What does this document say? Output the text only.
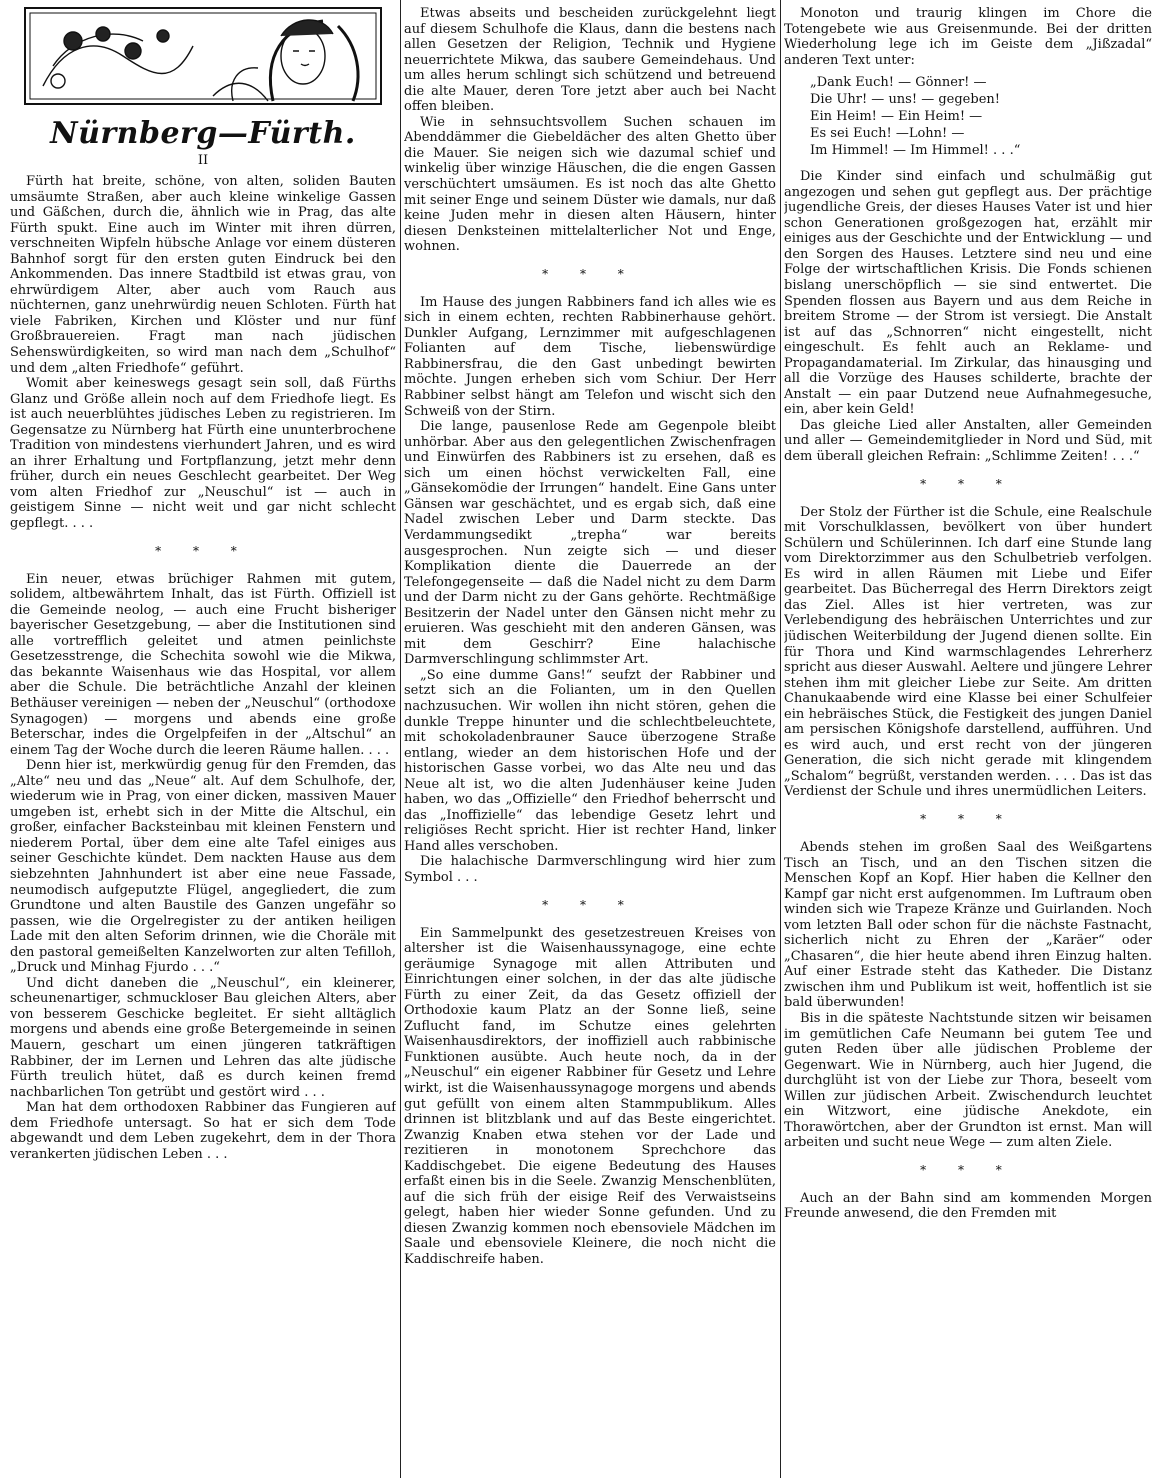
Nürnberg—Fürth.
II

Fürth hat breite, schöne, von alten, soliden Bauten umsäumte Straßen, aber auch kleine winkelige Gassen und Gäßchen, durch die, ähnlich wie in Prag, das alte Fürth spukt. Eine auch im Winter mit ihren dürren, verschneiten Wipfeln hübsche Anlage vor einem düsteren Bahnhof sorgt für den ersten guten Eindruck bei den Ankommenden. Das innere Stadtbild ist etwas grau, von ehrwürdigem Alter, aber auch vom Rauch aus nüchternen, ganz unehrwürdig neuen Schloten. Fürth hat viele Fabriken, Kirchen und Klöster und nur fünf Großbrauereien. Fragt man nach jüdischen Sehenswürdigkeiten, so wird man nach dem „Schulhof“ und dem „alten Friedhofe“ geführt.

Womit aber keineswegs gesagt sein soll, daß Fürths Glanz und Größe allein noch auf dem Friedhofe liegt. Es ist auch neuerblühtes jüdisches Leben zu registrieren. Im Gegensatze zu Nürnberg hat Fürth eine ununterbrochene Tradition von mindestens vierhundert Jahren, und es wird an ihrer Erhaltung und Fortpflanzung, jetzt mehr denn früher, durch ein neues Geschlecht gearbeitet. Der Weg vom alten Friedhof zur „Neuschul“ ist — auch in geistigem Sinne — nicht weit und gar nicht schlecht gepflegt. . . .

* * *

Ein neuer, etwas brüchiger Rahmen mit gutem, solidem, altbewährtem Inhalt, das ist Fürth. Offiziell ist die Gemeinde neolog, — auch eine Frucht bisheriger bayerischer Gesetzgebung, — aber die Institutionen sind alle vortrefflich geleitet und atmen peinlichste Gesetzesstrenge, die Schechita sowohl wie die Mikwa, das bekannte Waisenhaus wie das Hospital, vor allem aber die Schule. Die beträchtliche Anzahl der kleinen Bethäuser vereinigen — neben der „Neuschul“ (orthodoxe Synagogen) — morgens und abends eine große Beterschar, indes die Orgelpfeifen in der „Altschul“ an einem Tag der Woche durch die leeren Räume hallen. . . .

Denn hier ist, merkwürdig genug für den Fremden, das „Alte“ neu und das „Neue“ alt. Auf dem Schulhofe, der, wiederum wie in Prag, von einer dicken, massiven Mauer umgeben ist, erhebt sich in der Mitte die Altschul, ein großer, einfacher Backsteinbau mit kleinen Fenstern und niederem Portal, über dem eine alte Tafel einiges aus seiner Geschichte kündet. Dem nackten Hause aus dem siebzehnten Jahnhundert ist aber eine neue Fassade, neumodisch aufgeputzte Flügel, angegliedert, die zum Grundtone und alten Baustile des Ganzen ungefähr so passen, wie die Orgelregister zu der antiken heiligen Lade mit den alten Seforim drinnen, wie die Choräle mit den pastoral gemeißelten Kanzelworten zur alten Tefilloh, „Druck und Minhag Fjurdo . . .“

Und dicht daneben die „Neuschul“, ein kleinerer, scheunenartiger, schmuckloser Bau gleichen Alters, aber von besserem Geschicke begleitet. Er sieht alltäglich morgens und abends eine große Betergemeinde in seinen Mauern, geschart um einen jüngeren tatkräftigen Rabbiner, der im Lernen und Lehren das alte jüdische Fürth treulich hütet, daß es durch keinen fremd nachbarlichen Ton getrübt und gestört wird . . .

Man hat dem orthodoxen Rabbiner das Fungieren auf dem Friedhofe untersagt. So hat er sich dem Tode abgewandt und dem Leben zugekehrt, dem in der Thora verankerten jüdischen Leben . . .

Etwas abseits und bescheiden zurückgelehnt liegt auf diesem Schulhofe die Klaus, dann die bestens nach allen Gesetzen der Religion, Technik und Hygiene neuerrichtete Mikwa, das saubere Gemeindehaus. Und um alles herum schlingt sich schützend und betreuend die alte Mauer, deren Tore jetzt aber auch bei Nacht offen bleiben.

Wie in sehnsuchtsvollem Suchen schauen im Abenddämmer die Giebeldächer des alten Ghetto über die Mauer. Sie neigen sich wie dazumal schief und winkelig über winzige Häuschen, die die engen Gassen verschüchtert umsäumen. Es ist noch das alte Ghetto mit seiner Enge und seinem Düster wie damals, nur daß keine Juden mehr in diesen alten Häusern, hinter diesen Denksteinen mittelalterlicher Not und Enge, wohnen.

* * *

Im Hause des jungen Rabbiners fand ich alles wie es sich in einem echten, rechten Rabbinerhause gehört. Dunkler Aufgang, Lernzimmer mit aufgeschlagenen Folianten auf dem Tische, liebenswürdige Rabbinersfrau, die den Gast unbedingt bewirten möchte. Jungen erheben sich vom Schiur. Der Herr Rabbiner selbst hängt am Telefon und wischt sich den Schweiß von der Stirn.

Die lange, pausenlose Rede am Gegenpole bleibt unhörbar. Aber aus den gelegentlichen Zwischenfragen und Einwürfen des Rabbiners ist zu ersehen, daß es sich um einen höchst verwickelten Fall, eine „Gänsekomödie der Irrungen“ handelt. Eine Gans unter Gänsen war geschächtet, und es ergab sich, daß eine Nadel zwischen Leber und Darm steckte. Das Verdammungsedikt „trepha“ war bereits ausgesprochen. Nun zeigte sich — und dieser Komplikation diente die Dauerrede an der Telefongegenseite — daß die Nadel nicht zu dem Darm und der Darm nicht zu der Gans gehörte. Rechtmäßige Besitzerin der Nadel unter den Gänsen nicht mehr zu eruieren. Was geschieht mit den anderen Gänsen, was mit dem Geschirr? Eine halachische Darmverschlingung schlimmster Art.

„So eine dumme Gans!“ seufzt der Rabbiner und setzt sich an die Folianten, um in den Quellen nachzusuchen. Wir wollen ihn nicht stören, gehen die dunkle Treppe hinunter und die schlechtbeleuchtete, mit schokoladenbrauner Sauce überzogene Straße entlang, wieder an dem historischen Hofe und der historischen Gasse vorbei, wo das Alte neu und das Neue alt ist, wo die alten Judenhäuser keine Juden haben, wo das „Offizielle“ den Friedhof beherrscht und das „Inoffizielle“ das lebendige Gesetz lehrt und religiöses Recht spricht. Hier ist rechter Hand, linker Hand alles verschoben.

Die halachische Darmverschlingung wird hier zum Symbol . . .

* * *

Ein Sammelpunkt des gesetzestreuen Kreises von altersher ist die Waisenhaussynagoge, eine echte geräumige Synagoge mit allen Attributen und Einrichtungen einer solchen, in der das alte jüdische Fürth zu einer Zeit, da das Gesetz offiziell der Orthodoxie kaum Platz an der Sonne ließ, seine Zuflucht fand, im Schutze eines gelehrten Waisenhausdirektors, der inoffiziell auch rabbinische Funktionen ausübte. Auch heute noch, da in der „Neuschul“ ein eigener Rabbiner für Gesetz und Lehre wirkt, ist die Waisenhaussynagoge morgens und abends gut gefüllt von einem alten Stammpublikum. Alles drinnen ist blitzblank und auf das Beste eingerichtet. Zwanzig Knaben etwa stehen vor der Lade und rezitieren in monotonem Sprechchore das Kaddischgebet. Die eigene Bedeutung des Hauses erfaßt einen bis in die Seele. Zwanzig Menschenblüten, auf die sich früh der eisige Reif des Verwaistseins gelegt, haben hier wieder Sonne gefunden. Und zu diesen Zwanzig kommen noch ebensoviele Mädchen im Saale und ebensoviele Kleinere, die noch nicht die Kaddischreife haben.

Monoton und traurig klingen im Chore die Totengebete wie aus Greisenmunde. Bei der dritten Wiederholung lege ich im Geiste dem „Jißzadal“ anderen Text unter:

„Dank Euch! — Gönner! —
Die Uhr! — uns! — gegeben!
Ein Heim! — Ein Heim! —
Es sei Euch! —Lohn! —
Im Himmel! — Im Himmel! . . .“

Die Kinder sind einfach und schulmäßig gut angezogen und sehen gut gepflegt aus. Der prächtige jugendliche Greis, der dieses Hauses Vater ist und hier schon Generationen großgezogen hat, erzählt mir einiges aus der Geschichte und der Entwicklung — und den Sorgen des Hauses. Letztere sind neu und eine Folge der wirtschaftlichen Krisis. Die Fonds schienen bislang unerschöpflich — sie sind entwertet. Die Spenden flossen aus Bayern und aus dem Reiche in breitem Strome — der Strom ist versiegt. Die Anstalt ist auf das „Schnorren“ nicht eingestellt, nicht eingeschult. Es fehlt auch an Reklame- und Propagandamaterial. Im Zirkular, das hinausging und all die Vorzüge des Hauses schilderte, brachte der Anstalt — ein paar Dutzend neue Aufnahmegesuche, ein, aber kein Geld!

Das gleiche Lied aller Anstalten, aller Gemeinden und aller — Gemeindemitglieder in Nord und Süd, mit dem überall gleichen Refrain: „Schlimme Zeiten! . . .“

* * *

Der Stolz der Fürther ist die Schule, eine Realschule mit Vorschulklassen, bevölkert von über hundert Schülern und Schülerinnen. Ich darf eine Stunde lang vom Direktorzimmer aus den Schulbetrieb verfolgen. Es wird in allen Räumen mit Liebe und Eifer gearbeitet. Das Bücherregal des Herrn Direktors zeigt das Ziel. Alles ist hier vertreten, was zur Verlebendigung des hebräischen Unterrichtes und zur jüdischen Weiterbildung der Jugend dienen sollte. Ein für Thora und Kind warmschlagendes Lehrerherz spricht aus dieser Auswahl. Aeltere und jüngere Lehrer stehen ihm mit gleicher Liebe zur Seite. Am dritten Chanukaabende wird eine Klasse bei einer Schulfeier ein hebräisches Stück, die Festigkeit des jungen Daniel am persischen Königshofe darstellend, aufführen. Und es wird auch, und erst recht von der jüngeren Generation, die sich nicht gerade mit klingendem „Schalom“ begrüßt, verstanden werden. . . . Das ist das Verdienst der Schule und ihres unermüdlichen Leiters.

* * *

Abends stehen im großen Saal des Weißgartens Tisch an Tisch, und an den Tischen sitzen die Menschen Kopf an Kopf. Hier haben die Kellner den Kampf gar nicht erst aufgenommen. Im Luftraum oben winden sich wie Trapeze Kränze und Guirlanden. Noch vom letzten Ball oder schon für die nächste Fastnacht, sicherlich nicht zu Ehren der „Karäer“ oder „Chasaren“, die hier heute abend ihren Einzug halten. Auf einer Estrade steht das Katheder. Die Distanz zwischen ihm und Publikum ist weit, hoffentlich ist sie bald überwunden!

Bis in die späteste Nachtstunde sitzen wir beisamen im gemütlichen Cafe Neumann bei gutem Tee und guten Reden über alle jüdischen Probleme der Gegenwart. Wie in Nürnberg, auch hier Jugend, die durchglüht ist von der Liebe zur Thora, beseelt vom Willen zur jüdischen Arbeit. Zwischendurch leuchtet ein Witzwort, eine jüdische Anekdote, ein Thorawörtchen, aber der Grundton ist ernst. Man will arbeiten und sucht neue Wege — zum alten Ziele.

* * *

Auch an der Bahn sind am kommenden Morgen Freunde anwesend, die den Fremden mit
